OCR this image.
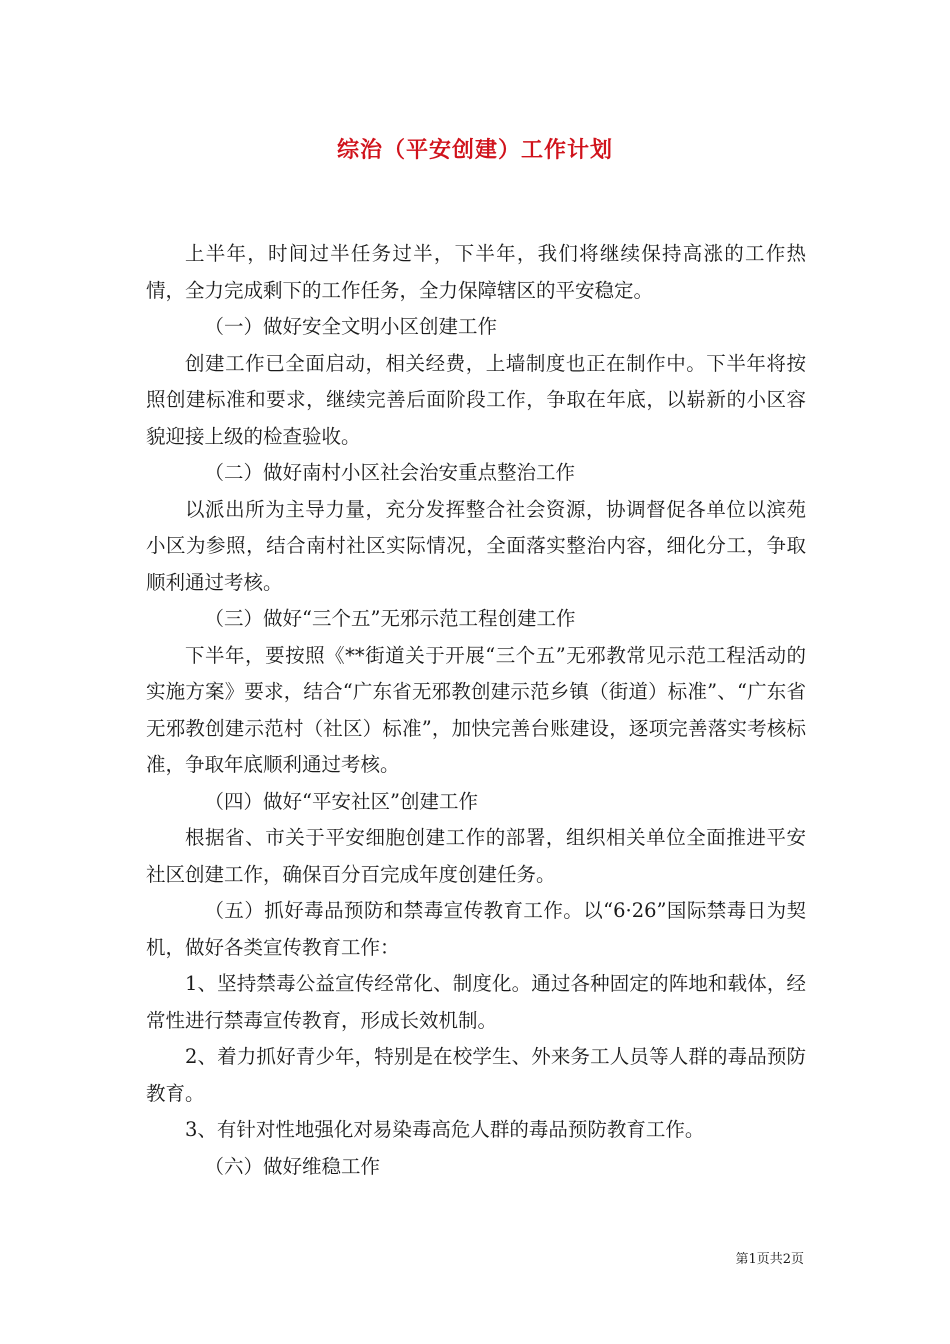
综治（平安创建）工作计划

上半年，时间过半任务过半，下半年，我们将继续保持高涨的工作热情，全力完成剩下的工作任务，全力保障辖区的平安稳定。

（一）做好安全文明小区创建工作

创建工作已全面启动，相关经费，上墙制度也正在制作中。下半年将按照创建标准和要求，继续完善后面阶段工作，争取在年底，以崭新的小区容貌迎接上级的检查验收。

（二）做好南村小区社会治安重点整治工作

以派出所为主导力量，充分发挥整合社会资源，协调督促各单位以滨苑小区为参照，结合南村社区实际情况，全面落实整治内容，细化分工，争取顺利通过考核。

（三）做好“三个五”无邪示范工程创建工作

下半年，要按照《**街道关于开展“三个五”无邪教常见示范工程活动的实施方案》要求，结合“广东省无邪教创建示范乡镇（街道）标准”、“广东省无邪教创建示范村（社区）标准”，加快完善台账建设，逐项完善落实考核标准，争取年底顺利通过考核。

（四）做好“平安社区”创建工作

根据省、市关于平安细胞创建工作的部署，组织相关单位全面推进平安社区创建工作，确保百分百完成年度创建任务。

（五）抓好毒品预防和禁毒宣传教育工作。以“6·26”国际禁毒日为契机，做好各类宣传教育工作：

1、坚持禁毒公益宣传经常化、制度化。通过各种固定的阵地和载体，经常性进行禁毒宣传教育，形成长效机制。

2、着力抓好青少年，特别是在校学生、外来务工人员等人群的毒品预防教育。

3、有针对性地强化对易染毒高危人群的毒品预防教育工作。

（六）做好维稳工作

第1页共2页
